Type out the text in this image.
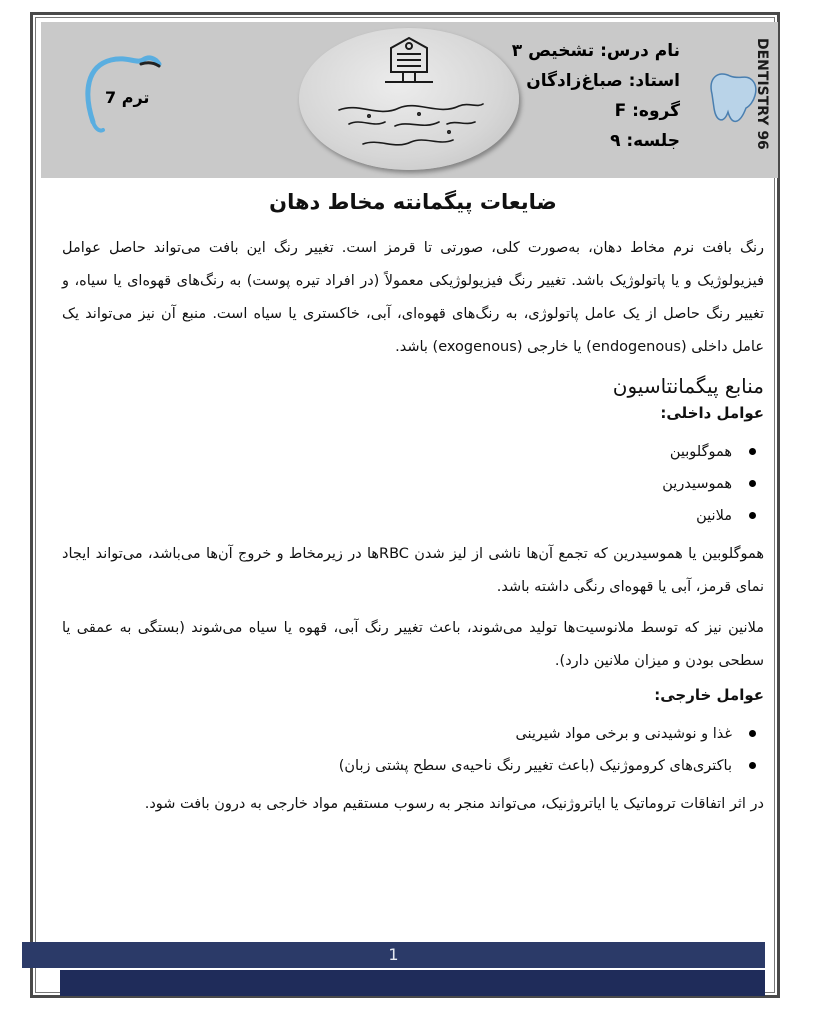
ترم 7
نام درس: تشخیص ۳
استاد: صباغ‌زادگان
گروه: F
جلسه: ۹	DENTISTRY 96
ضایعات پیگمانته مخاط دهان

رنگ بافت نرم مخاط دهان، به‌صورت کلی، صورتی تا قرمز است. تغییر رنگ این بافت می‌تواند حاصل عوامل فیزیولوژیک و یا پاتولوژیک باشد. تغییر رنگ فیزیولوژیکی معمولاً (در افراد تیره پوست) به رنگ‌های قهوه‌ای یا سیاه، و تغییر رنگ حاصل از یک عامل پاتولوژی، به رنگ‌های قهوه‌ای، آبی، خاکستری یا سیاه است. منبع آن نیز می‌تواند یک عامل داخلی (endogenous) یا خارجی (exogenous) باشد.

منابع پیگمانتاسیون
عوامل داخلی:
هموگلوبین
هموسیدرین
ملانین

هموگلوبین یا هموسیدرین که تجمع آن‌ها ناشی از لیز شدن RBCها در زیرمخاط و خروج آن‌ها می‌باشد، می‌تواند ایجاد نمای قرمز، آبی یا قهوه‌ای رنگی داشته باشد.

ملانین نیز که توسط ملانوسیت‌ها تولید می‌شوند، باعث تغییر رنگ آبی، قهوه یا سیاه می‌شوند (بستگی به عمقی یا سطحی بودن و میزان ملانین دارد).

عوامل خارجی:
غذا و نوشیدنی و برخی مواد شیرینی
باکتری‌های کروموژنیک (باعث تغییر رنگ ناحیه‌ی سطح پشتی زبان)

در اثر اتفاقات تروماتیک یا ایاتروژنیک، می‌تواند منجر به رسوب مستقیم مواد خارجی به درون بافت شود.

1
